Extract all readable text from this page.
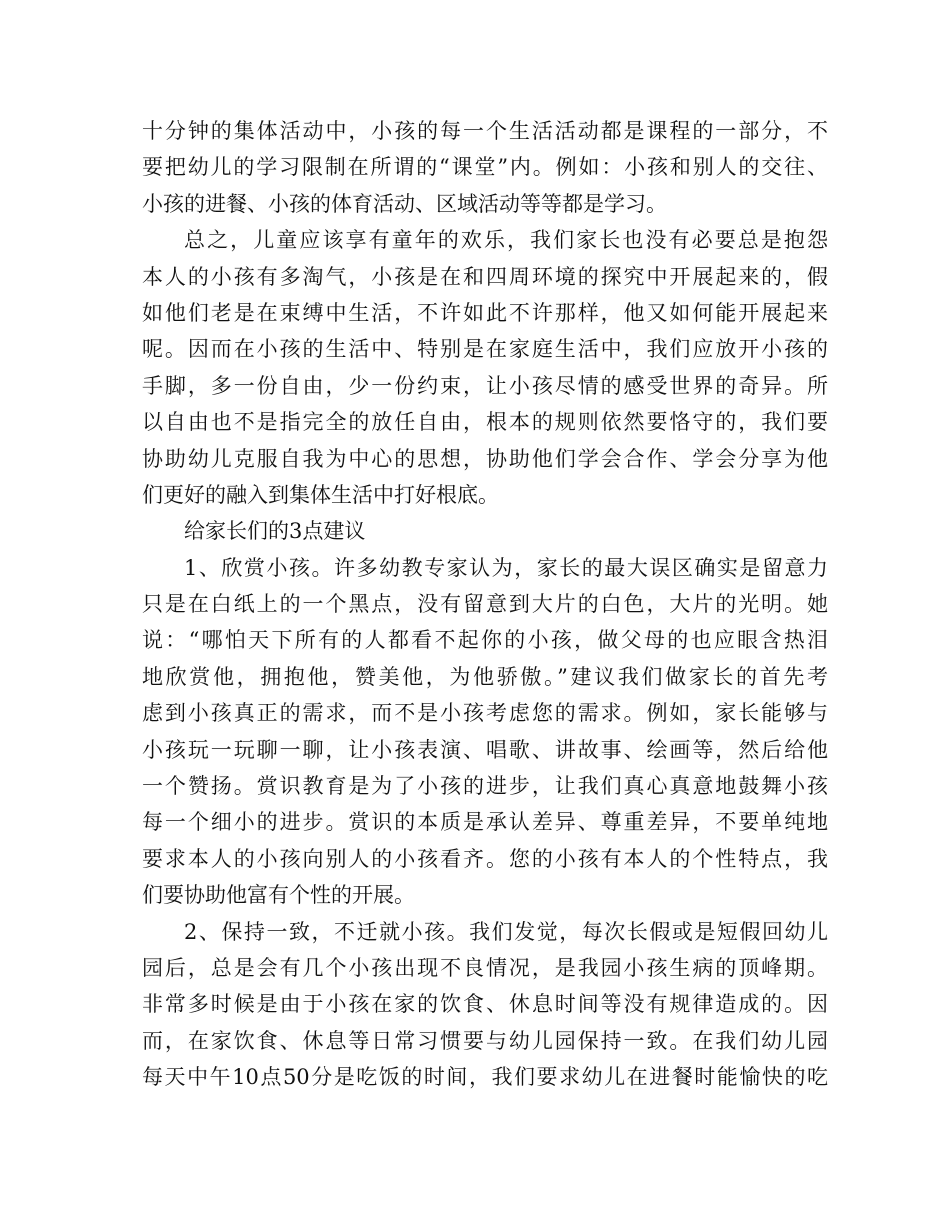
十分钟的集体活动中，小孩的每一个生活活动都是课程的一部分，不
要把幼儿的学习限制在所谓的“课堂”内。例如：小孩和别人的交往、
小孩的进餐、小孩的体育活动、区域活动等等都是学习。
总之，儿童应该享有童年的欢乐，我们家长也没有必要总是抱怨
本人的小孩有多淘气，小孩是在和四周环境的探究中开展起来的，假
如他们老是在束缚中生活，不许如此不许那样，他又如何能开展起来
呢。因而在小孩的生活中、特别是在家庭生活中，我们应放开小孩的
手脚，多一份自由，少一份约束，让小孩尽情的感受世界的奇异。所
以自由也不是指完全的放任自由，根本的规则依然要恪守的，我们要
协助幼儿克服自我为中心的思想，协助他们学会合作、学会分享为他
们更好的融入到集体生活中打好根底。
给家长们的3点建议
1、欣赏小孩。许多幼教专家认为，家长的最大误区确实是留意力
只是在白纸上的一个黑点，没有留意到大片的白色，大片的光明。她
说：“哪怕天下所有的人都看不起你的小孩，做父母的也应眼含热泪
地欣赏他，拥抱他，赞美他，为他骄傲。”建议我们做家长的首先考
虑到小孩真正的需求，而不是小孩考虑您的需求。例如，家长能够与
小孩玩一玩聊一聊，让小孩表演、唱歌、讲故事、绘画等，然后给他
一个赞扬。赏识教育是为了小孩的进步，让我们真心真意地鼓舞小孩
每一个细小的进步。赏识的本质是承认差异、尊重差异，不要单纯地
要求本人的小孩向别人的小孩看齐。您的小孩有本人的个性特点，我
们要协助他富有个性的开展。
2、保持一致，不迁就小孩。我们发觉，每次长假或是短假回幼儿
园后，总是会有几个小孩出现不良情况，是我园小孩生病的顶峰期。
非常多时候是由于小孩在家的饮食、休息时间等没有规律造成的。因
而，在家饮食、休息等日常习惯要与幼儿园保持一致。在我们幼儿园
每天中午10点50分是吃饭的时间，我们要求幼儿在进餐时能愉快的吃
